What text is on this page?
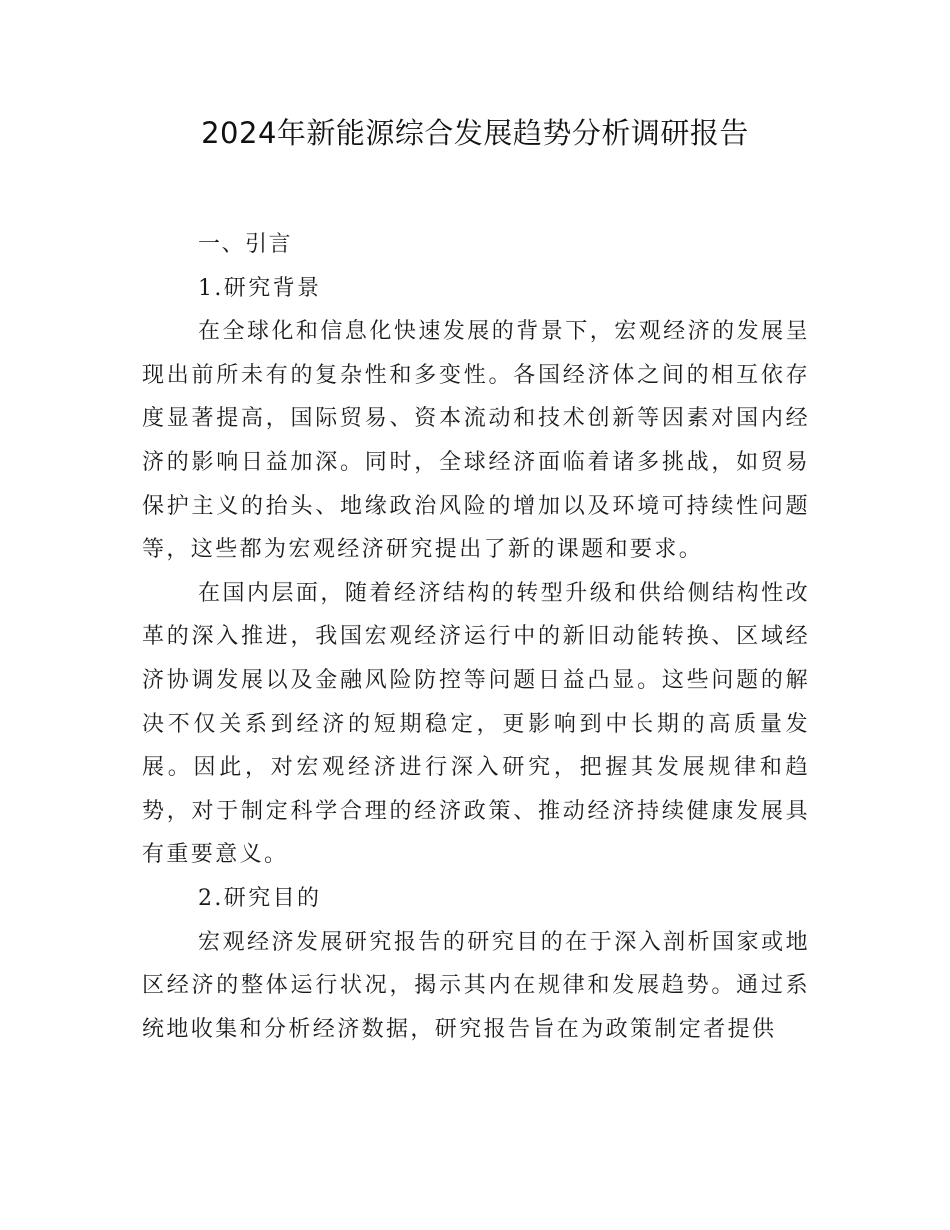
2024年新能源综合发展趋势分析调研报告

一、引言

1.研究背景

在全球化和信息化快速发展的背景下，宏观经济的发展呈现出前所未有的复杂性和多变性。各国经济体之间的相互依存度显著提高，国际贸易、资本流动和技术创新等因素对国内经济的影响日益加深。同时，全球经济面临着诸多挑战，如贸易保护主义的抬头、地缘政治风险的增加以及环境可持续性问题等，这些都为宏观经济研究提出了新的课题和要求。

在国内层面，随着经济结构的转型升级和供给侧结构性改革的深入推进，我国宏观经济运行中的新旧动能转换、区域经济协调发展以及金融风险防控等问题日益凸显。这些问题的解决不仅关系到经济的短期稳定，更影响到中长期的高质量发展。因此，对宏观经济进行深入研究，把握其发展规律和趋势，对于制定科学合理的经济政策、推动经济持续健康发展具有重要意义。

2.研究目的

宏观经济发展研究报告的研究目的在于深入剖析国家或地区经济的整体运行状况，揭示其内在规律和发展趋势。通过系统地收集和分析经济数据，研究报告旨在为政策制定者提供
